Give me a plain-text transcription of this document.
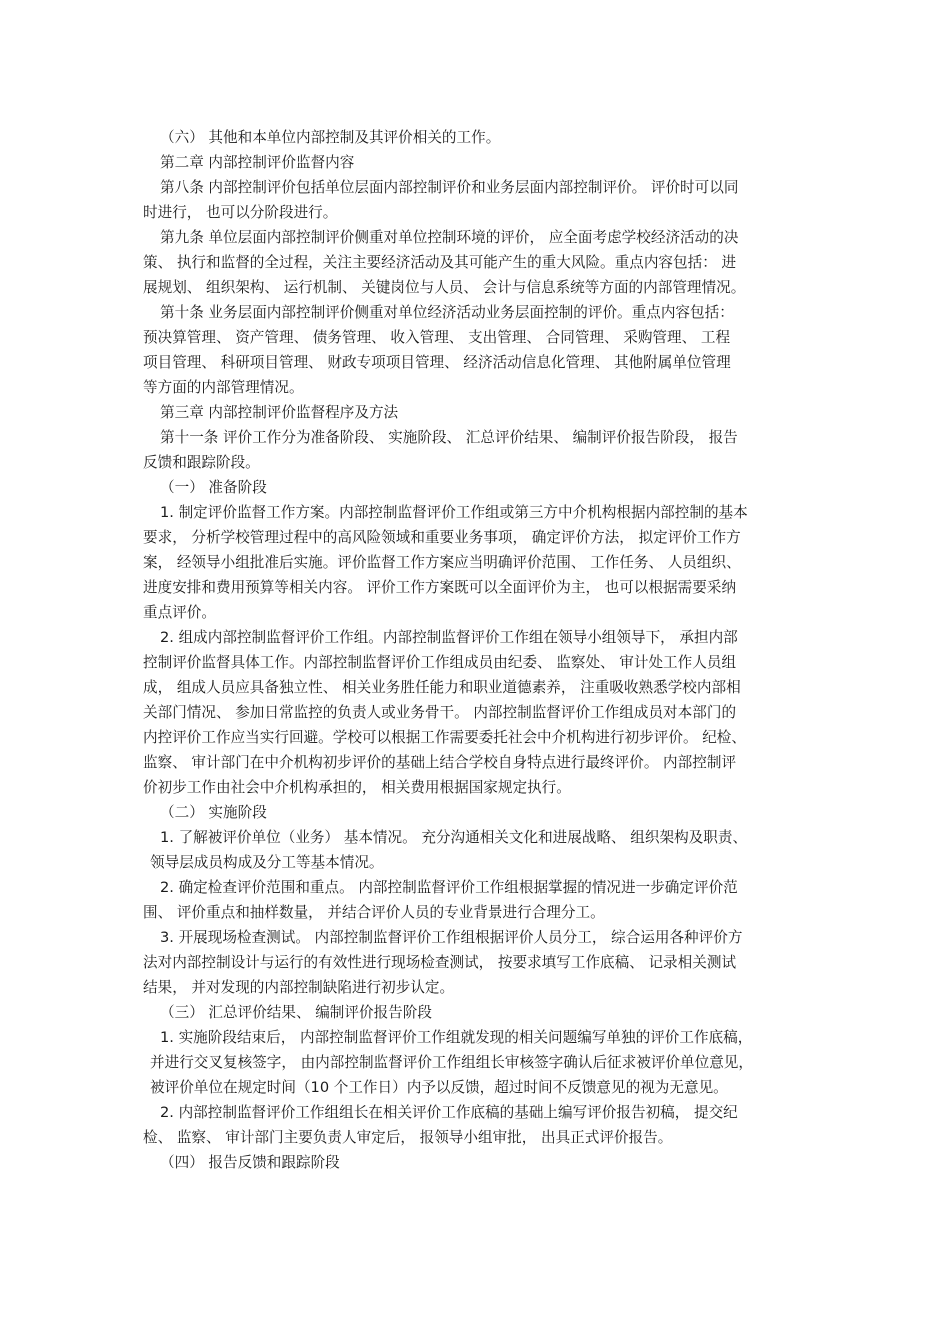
（六） 其他和本单位内部控制及其评价相关的工作。
第二章 内部控制评价监督内容
第八条 内部控制评价包括单位层面内部控制评价和业务层面内部控制评价。 评价时可以同
时进行， 也可以分阶段进行。
第九条 单位层面内部控制评价侧重对单位控制环境的评价， 应全面考虑学校经济活动的决
策、 执行和监督的全过程，关注主要经济活动及其可能产生的重大风险。重点内容包括： 进
展规划、 组织架构、 运行机制、 关键岗位与人员、 会计与信息系统等方面的内部管理情况。
第十条 业务层面内部控制评价侧重对单位经济活动业务层面控制的评价。重点内容包括：
预决算管理、 资产管理、 债务管理、 收入管理、 支出管理、 合同管理、 采购管理、 工程
项目管理、 科研项目管理、 财政专项项目管理、 经济活动信息化管理、 其他附属单位管理
等方面的内部管理情况。
第三章 内部控制评价监督程序及方法
第十一条 评价工作分为准备阶段、 实施阶段、 汇总评价结果、 编制评价报告阶段， 报告
反馈和跟踪阶段。
（一） 准备阶段
1. 制定评价监督工作方案。内部控制监督评价工作组或第三方中介机构根据内部控制的基本
要求， 分析学校管理过程中的高风险领域和重要业务事项， 确定评价方法， 拟定评价工作方
案， 经领导小组批准后实施。评价监督工作方案应当明确评价范围、 工作任务、 人员组织、
进度安排和费用预算等相关内容。 评价工作方案既可以全面评价为主， 也可以根据需要采纳
重点评价。
2. 组成内部控制监督评价工作组。内部控制监督评价工作组在领导小组领导下， 承担内部
控制评价监督具体工作。内部控制监督评价工作组成员由纪委、 监察处、 审计处工作人员组
成， 组成人员应具备独立性、 相关业务胜任能力和职业道德素养， 注重吸收熟悉学校内部相
关部门情况、 参加日常监控的负责人或业务骨干。 内部控制监督评价工作组成员对本部门的
内控评价工作应当实行回避。学校可以根据工作需要委托社会中介机构进行初步评价。 纪检、
监察、 审计部门在中介机构初步评价的基础上结合学校自身特点进行最终评价。 内部控制评
价初步工作由社会中介机构承担的， 相关费用根据国家规定执行。
（二） 实施阶段
1. 了解被评价单位（业务） 基本情况。 充分沟通相关文化和进展战略、 组织架构及职责、
领导层成员构成及分工等基本情况。
2. 确定检查评价范围和重点。 内部控制监督评价工作组根据掌握的情况进一步确定评价范
围、 评价重点和抽样数量， 并结合评价人员的专业背景进行合理分工。
3. 开展现场检查测试。 内部控制监督评价工作组根据评价人员分工， 综合运用各种评价方
法对内部控制设计与运行的有效性进行现场检查测试， 按要求填写工作底稿、 记录相关测试
结果， 并对发现的内部控制缺陷进行初步认定。
（三） 汇总评价结果、 编制评价报告阶段
1. 实施阶段结束后， 内部控制监督评价工作组就发现的相关问题编写单独的评价工作底稿，
并进行交叉复核签字， 由内部控制监督评价工作组组长审核签字确认后征求被评价单位意见，
被评价单位在规定时间（10 个工作日）内予以反馈，超过时间不反馈意见的视为无意见。
2. 内部控制监督评价工作组组长在相关评价工作底稿的基础上编写评价报告初稿， 提交纪
检、 监察、 审计部门主要负责人审定后， 报领导小组审批， 出具正式评价报告。
（四） 报告反馈和跟踪阶段
